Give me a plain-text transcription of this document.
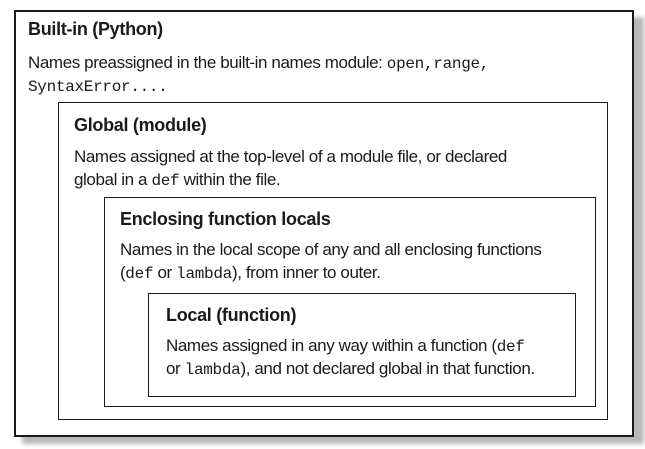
Built-in (Python)
Names preassigned in the built-in names module: open,range,
SyntaxError....
Global (module)
Names assigned at the top-level of a module file, or declared
global in a def within the file.
Enclosing function locals
Names in the local scope of any and all enclosing functions
(def or lambda), from inner to outer.
Local (function)
Names assigned in any way within a function (def
or lambda), and not declared global in that function.
